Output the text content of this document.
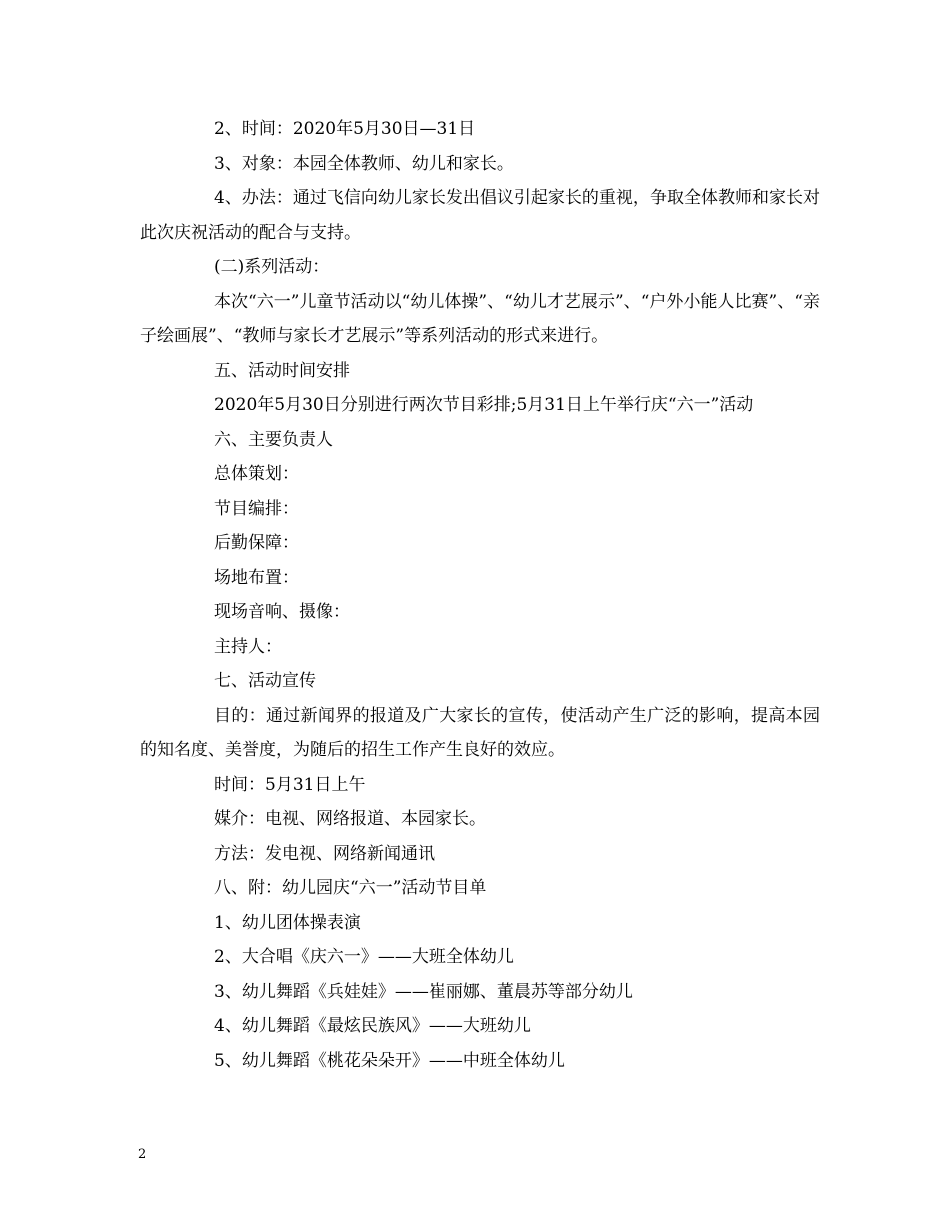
2、时间：2020年5月30日—31日

3、对象：本园全体教师、幼儿和家长。

4、办法：通过飞信向幼儿家长发出倡议引起家长的重视，争取全体教师和家长对此次庆祝活动的配合与支持。

(二)系列活动：

本次“六一”儿童节活动以“幼儿体操”、“幼儿才艺展示”、“户外小能人比赛”、“亲子绘画展”、“教师与家长才艺展示”等系列活动的形式来进行。

五、活动时间安排

2020年5月30日分别进行两次节目彩排;5月31日上午举行庆“六一”活动

六、主要负责人

总体策划：

节目编排：

后勤保障：

场地布置：

现场音响、摄像：

主持人：

七、活动宣传

目的：通过新闻界的报道及广大家长的宣传，使活动产生广泛的影响，提高本园的知名度、美誉度，为随后的招生工作产生良好的效应。

时间：5月31日上午

媒介：电视、网络报道、本园家长。

方法：发电视、网络新闻通讯

八、附：幼儿园庆“六一”活动节目单

1、幼儿团体操表演

2、大合唱《庆六一》——大班全体幼儿

3、幼儿舞蹈《兵娃娃》——崔丽娜、董晨苏等部分幼儿

4、幼儿舞蹈《最炫民族风》——大班幼儿

5、幼儿舞蹈《桃花朵朵开》——中班全体幼儿

2
